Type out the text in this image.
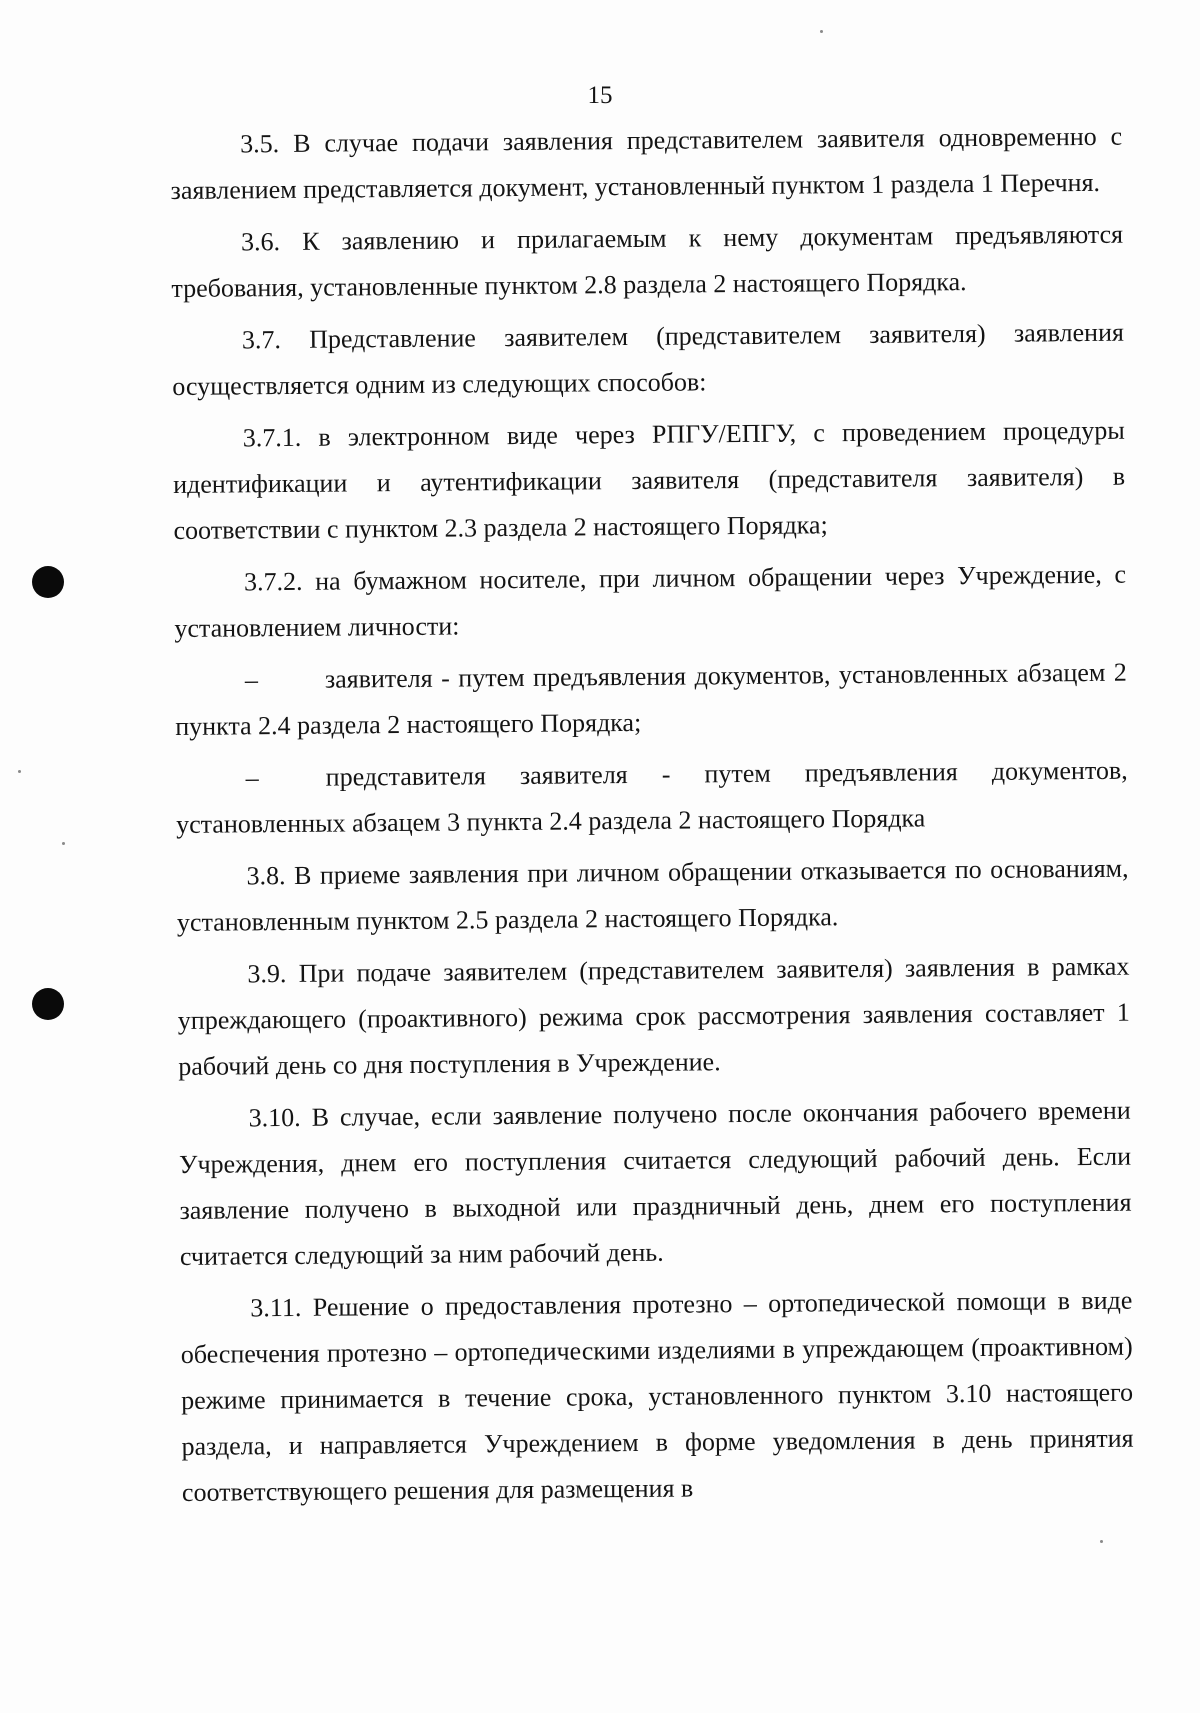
15

3.5. В случае подачи заявления представителем заявителя одновременно с заявлением представляется документ, установленный пунктом 1 раздела 1 Перечня.

3.6. К заявлению и прилагаемым к нему документам предъявляются требования, установленные пунктом 2.8 раздела 2 настоящего Порядка.

3.7. Представление заявителем (представителем заявителя) заявления осуществляется одним из следующих способов:

3.7.1. в электронном виде через РПГУ/ЕПГУ, с проведением процедуры идентификации и аутентификации заявителя (представителя заявителя) в соответствии с пунктом 2.3 раздела 2 настоящего Порядка;

3.7.2. на бумажном носителе, при личном обращении через Учреждение, с установлением личности:

–	заявителя - путем предъявления документов, установленных абзацем 2 пункта 2.4 раздела 2 настоящего Порядка;

–	представителя заявителя - путем предъявления документов, установленных абзацем 3 пункта 2.4 раздела 2 настоящего Порядка

3.8. В приеме заявления при личном обращении отказывается по основаниям, установленным пунктом 2.5 раздела 2 настоящего Порядка.

3.9. При подаче заявителем (представителем заявителя) заявления в рамках упреждающего (проактивного) режима срок рассмотрения заявления составляет 1 рабочий день со дня поступления в Учреждение.

3.10. В случае, если заявление получено после окончания рабочего времени Учреждения, днем его поступления считается следующий рабочий день. Если заявление получено в выходной или праздничный день, днем его поступления считается следующий за ним рабочий день.

3.11. Решение о предоставления протезно – ортопедической помощи в виде обеспечения протезно – ортопедическими изделиями в упреждающем (проактивном) режиме принимается в течение срока, установленного пунктом 3.10 настоящего раздела, и направляется Учреждением в форме уведомления в день принятия соответствующего решения для размещения в
